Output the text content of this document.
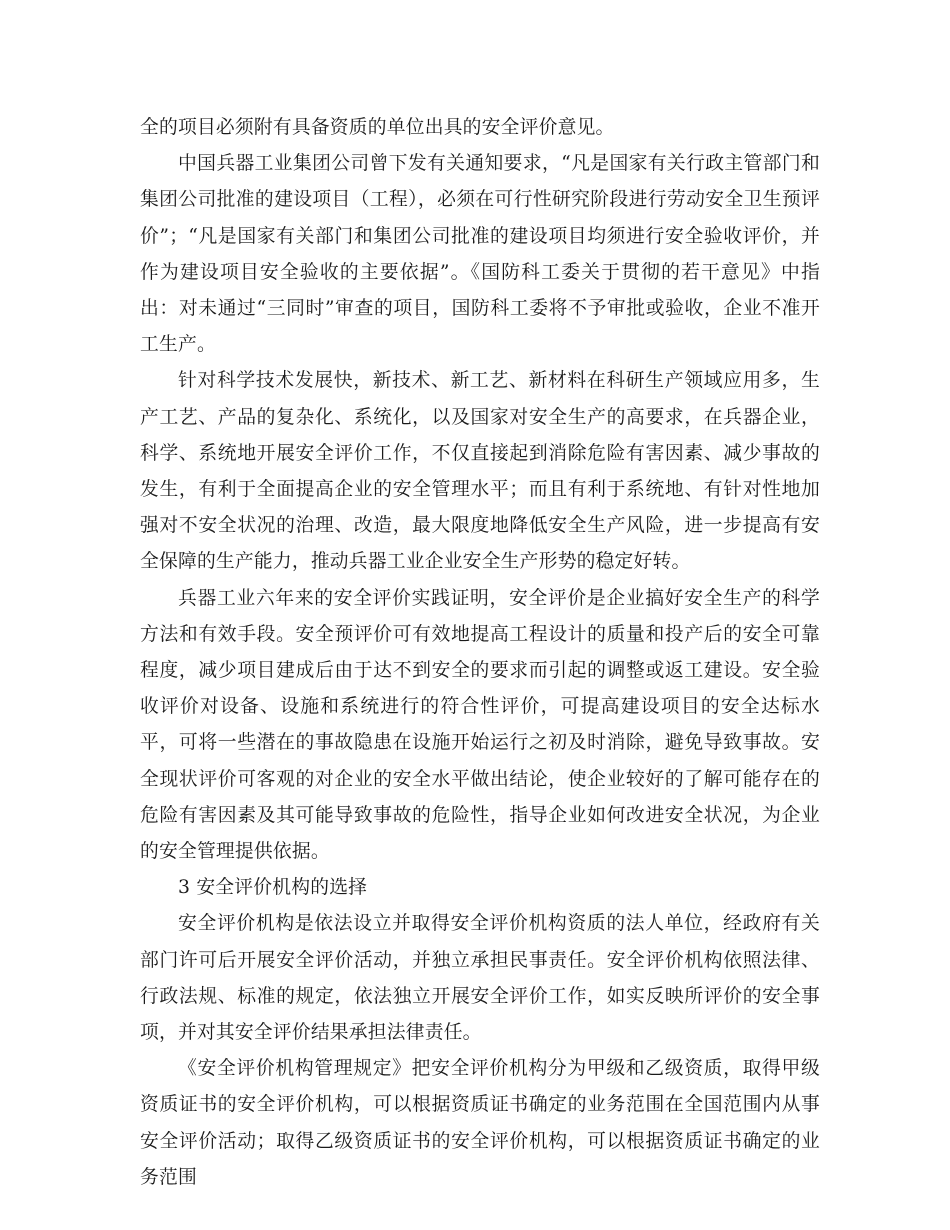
全的项目必须附有具备资质的单位出具的安全评价意见。

中国兵器工业集团公司曾下发有关通知要求，“凡是国家有关行政主管部门和集团公司批准的建设项目（工程），必须在可行性研究阶段进行劳动安全卫生预评价”；“凡是国家有关部门和集团公司批准的建设项目均须进行安全验收评价，并作为建设项目安全验收的主要依据”。《国防科工委关于贯彻的若干意见》中指出：对未通过“三同时”审查的项目，国防科工委将不予审批或验收，企业不准开工生产。

针对科学技术发展快，新技术、新工艺、新材料在科研生产领域应用多，生产工艺、产品的复杂化、系统化，以及国家对安全生产的高要求，在兵器企业，科学、系统地开展安全评价工作，不仅直接起到消除危险有害因素、减少事故的发生，有利于全面提高企业的安全管理水平；而且有利于系统地、有针对性地加强对不安全状况的治理、改造，最大限度地降低安全生产风险，进一步提高有安全保障的生产能力，推动兵器工业企业安全生产形势的稳定好转。

兵器工业六年来的安全评价实践证明，安全评价是企业搞好安全生产的科学方法和有效手段。安全预评价可有效地提高工程设计的质量和投产后的安全可靠程度，减少项目建成后由于达不到安全的要求而引起的调整或返工建设。安全验收评价对设备、设施和系统进行的符合性评价，可提高建设项目的安全达标水平，可将一些潜在的事故隐患在设施开始运行之初及时消除，避免导致事故。安全现状评价可客观的对企业的安全水平做出结论，使企业较好的了解可能存在的危险有害因素及其可能导致事故的危险性，指导企业如何改进安全状况，为企业的安全管理提供依据。

3 安全评价机构的选择

安全评价机构是依法设立并取得安全评价机构资质的法人单位，经政府有关部门许可后开展安全评价活动，并独立承担民事责任。安全评价机构依照法律、行政法规、标准的规定，依法独立开展安全评价工作，如实反映所评价的安全事项，并对其安全评价结果承担法律责任。

《安全评价机构管理规定》把安全评价机构分为甲级和乙级资质，取得甲级资质证书的安全评价机构，可以根据资质证书确定的业务范围在全国范围内从事安全评价活动；取得乙级资质证书的安全评价机构，可以根据资质证书确定的业务范围
